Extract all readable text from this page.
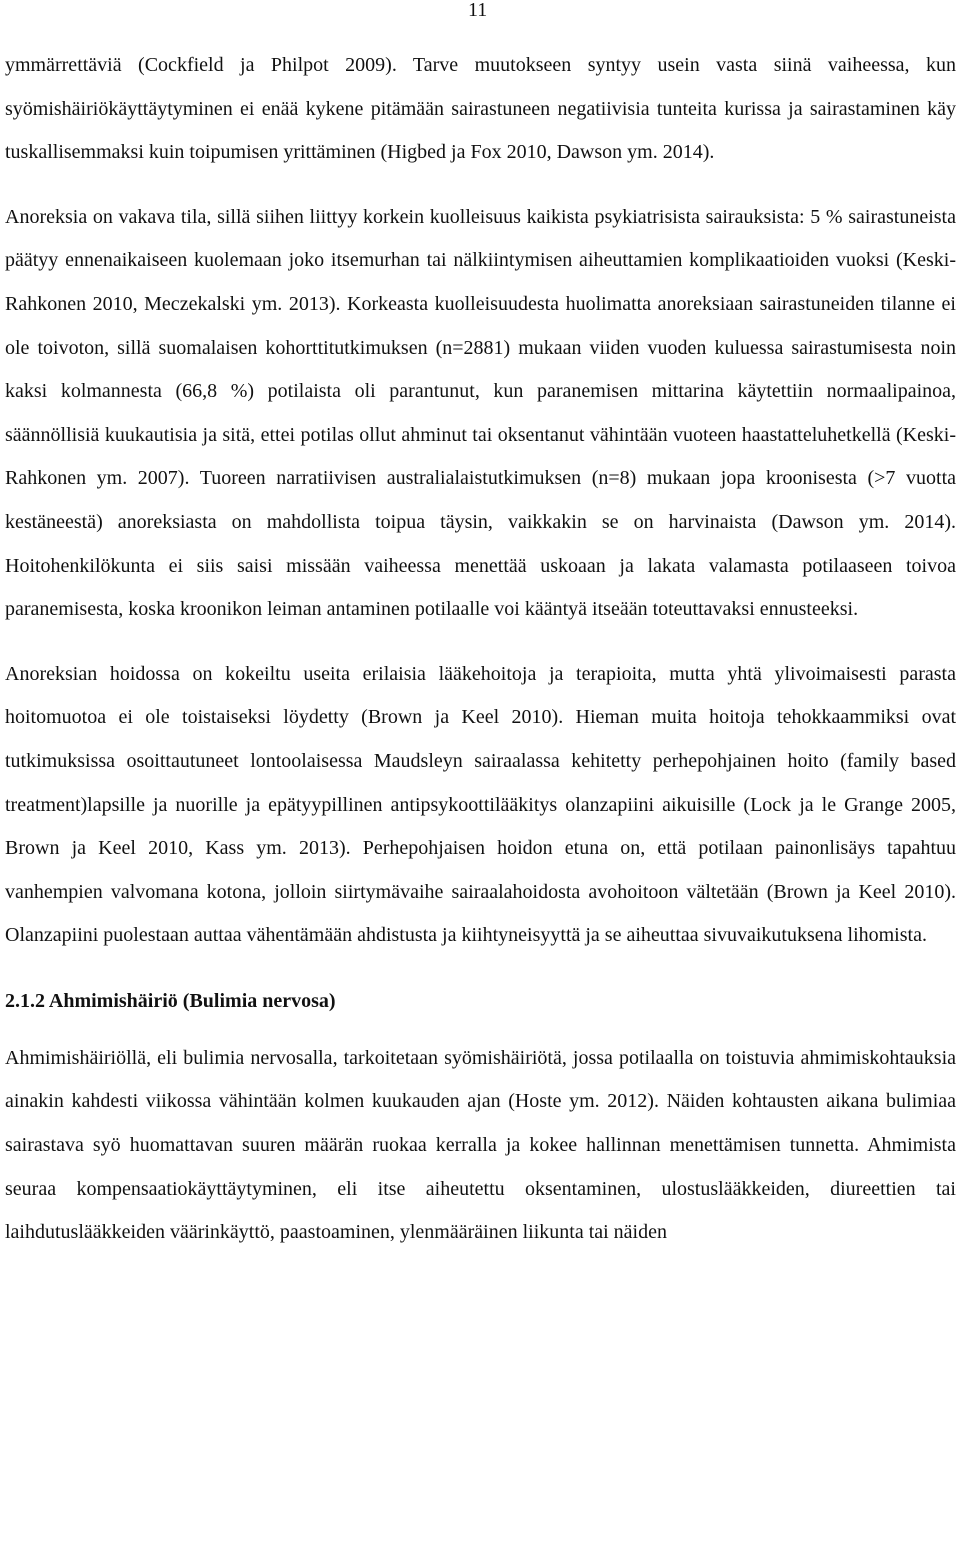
11

ymmärrettäviä (Cockfield ja Philpot 2009). Tarve muutokseen syntyy usein vasta siinä vaiheessa, kun syömishäiriökäyttäytyminen ei enää kykene pitämään sairastuneen negatiivisia tunteita kurissa ja sairastaminen käy tuskallisemmaksi kuin toipumisen yrittäminen (Higbed ja Fox 2010, Dawson ym. 2014).

Anoreksia on vakava tila, sillä siihen liittyy korkein kuolleisuus kaikista psykiatrisista sairauksista: 5 % sairastuneista päätyy ennenaikaiseen kuolemaan joko itsemurhan tai nälkiintymisen aiheuttamien komplikaatioiden vuoksi (Keski-Rahkonen 2010, Meczekalski ym. 2013). Korkeasta kuolleisuudesta huolimatta anoreksiaan sairastuneiden tilanne ei ole toivoton, sillä suomalaisen kohorttitutkimuksen (n=2881) mukaan viiden vuoden kuluessa sairastumisesta noin kaksi kolmannesta (66,8 %) potilaista oli parantunut, kun paranemisen mittarina käytettiin normaalipainoa, säännöllisiä kuukautisia ja sitä, ettei potilas ollut ahminut tai oksentanut vähintään vuoteen haastatteluhetkellä (Keski-Rahkonen ym. 2007). Tuoreen narratiivisen australialaistutkimuksen (n=8) mukaan jopa kroonisesta (>7 vuotta kestäneestä) anoreksiasta on mahdollista toipua täysin, vaikkakin se on harvinaista (Dawson ym. 2014). Hoitohenkilökunta ei siis saisi missään vaiheessa menettää uskoaan ja lakata valamasta potilaaseen toivoa paranemisesta, koska kroonikon leiman antaminen potilaalle voi kääntyä itseään toteuttavaksi ennusteeksi.

Anoreksian hoidossa on kokeiltu useita erilaisia lääkehoitoja ja terapioita, mutta yhtä ylivoimaisesti parasta hoitomuotoa ei ole toistaiseksi löydetty (Brown ja Keel 2010). Hieman muita hoitoja tehokkaammiksi ovat tutkimuksissa osoittautuneet lontoolaisessa Maudsleyn sairaalassa kehitetty perhepohjainen hoito (family based treatment)lapsille ja nuorille ja epätyypillinen antipsykoottilääkitys olanzapiini aikuisille (Lock ja le Grange 2005, Brown ja Keel 2010, Kass ym. 2013). Perhepohjaisen hoidon etuna on, että potilaan painonlisäys tapahtuu vanhempien valvomana kotona, jolloin siirtymävaihe sairaalahoidosta avohoitoon vältetään (Brown ja Keel 2010). Olanzapiini puolestaan auttaa vähentämään ahdistusta ja kiihtyneisyyttä ja se aiheuttaa sivuvaikutuksena lihomista.

2.1.2 Ahmimishäiriö (Bulimia nervosa)

Ahmimishäiriöllä, eli bulimia nervosalla, tarkoitetaan syömishäiriötä, jossa potilaalla on toistuvia ahmimiskohtauksia ainakin kahdesti viikossa vähintään kolmen kuukauden ajan (Hoste ym. 2012). Näiden kohtausten aikana bulimiaa sairastava syö huomattavan suuren määrän ruokaa kerralla ja kokee hallinnan menettämisen tunnetta. Ahmimista seuraa kompensaatiokäyttäytyminen, eli itse aiheutettu oksentaminen, ulostuslääkkeiden, diureettien tai laihdutuslääkkeiden väärinkäyttö, paastoaminen, ylenmääräinen liikunta tai näiden
